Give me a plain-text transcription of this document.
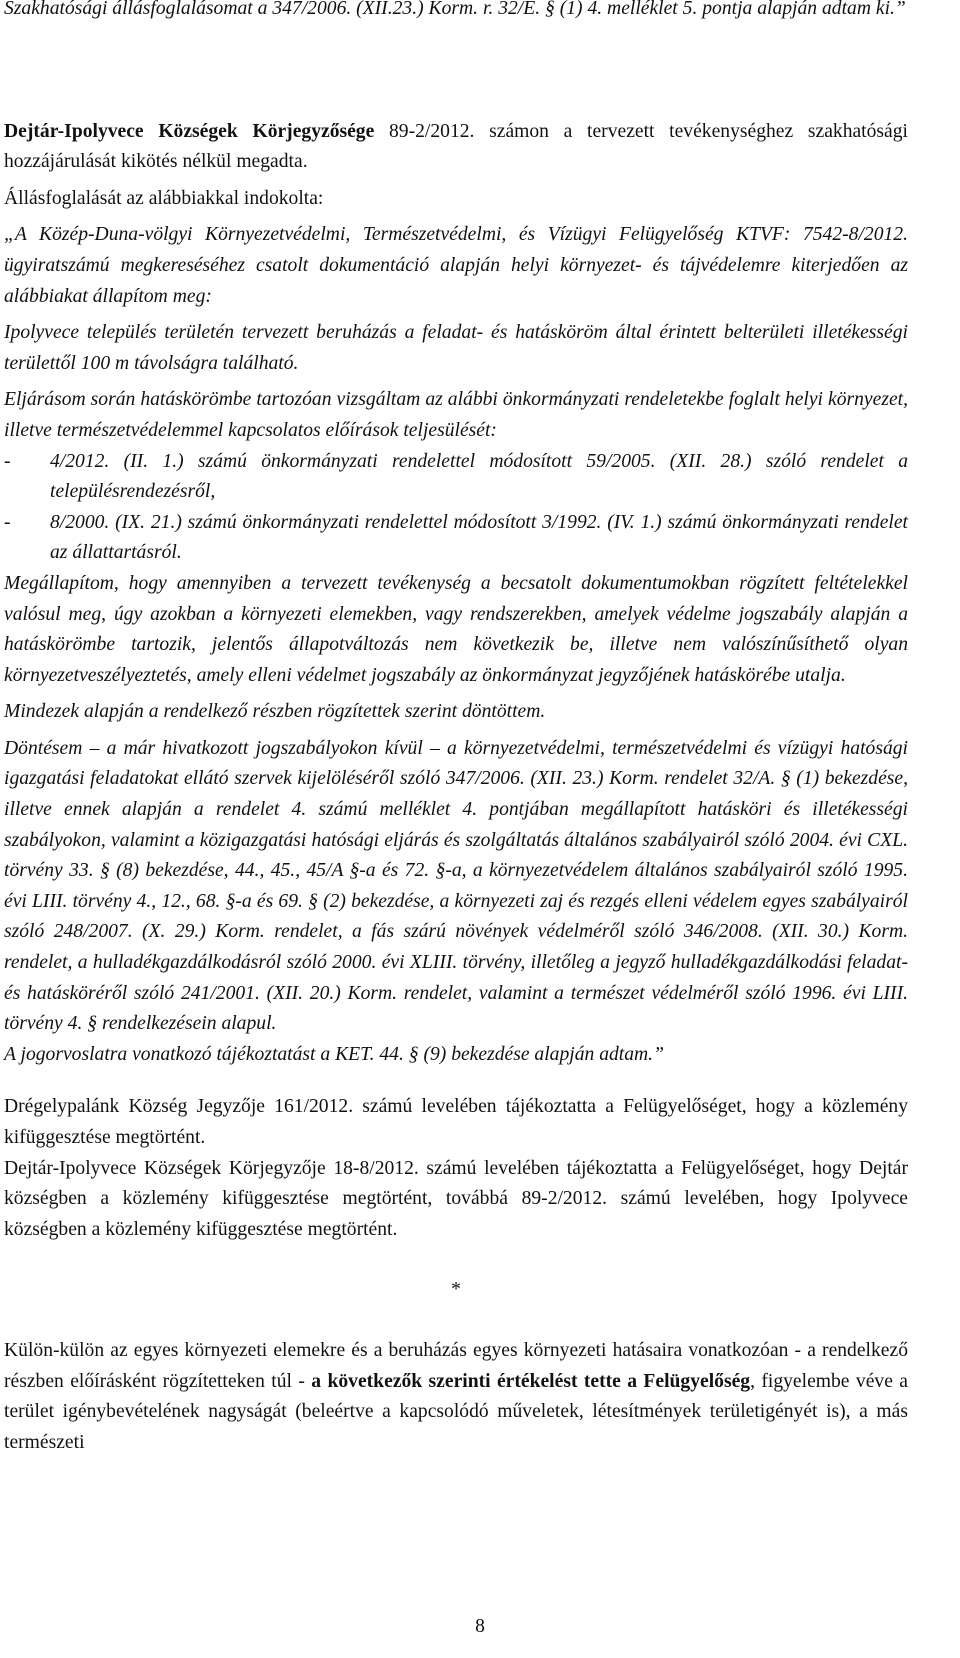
Szakhatósági állásfoglalásomat a 347/2006. (XII.23.) Korm. r. 32/E. § (1) 4. melléklet 5. pontja alapján adtam ki.”

Dejtár-Ipolyvece Községek Körjegyzősége 89-2/2012. számon a tervezett tevékenységhez szakhatósági hozzájárulását kikötés nélkül megadta.

Állásfoglalását az alábbiakkal indokolta:

„A Közép-Duna-völgyi Környezetvédelmi, Természetvédelmi, és Vízügyi Felügyelőség KTVF: 7542-8/2012. ügyiratszámú megkereséséhez csatolt dokumentáció alapján helyi környezet- és tájvédelemre kiterjedően az alábbiakat állapítom meg:

Ipolyvece település területén tervezett beruházás a feladat- és hatásköröm által érintett belterületi illetékességi területtől 100 m távolságra található.

Eljárásom során hatáskörömbe tartozóan vizsgáltam az alábbi önkormányzati rendeletekbe foglalt helyi környezet, illetve természetvédelemmel kapcsolatos előírások teljesülését:

-	4/2012. (II. 1.) számú önkormányzati rendelettel módosított 59/2005. (XII. 28.) szóló rendelet a településrendezésről,
-	8/2000. (IX. 21.) számú önkormányzati rendelettel módosított 3/1992. (IV. 1.) számú önkormányzati rendelet az állattartásról.

Megállapítom, hogy amennyiben a tervezett tevékenység a becsatolt dokumentumokban rögzített feltételekkel valósul meg, úgy azokban a környezeti elemekben, vagy rendszerekben, amelyek védelme jogszabály alapján a hatáskörömbe tartozik, jelentős állapotváltozás nem következik be, illetve nem valószínűsíthető olyan környezetveszélyeztetés, amely elleni védelmet jogszabály az önkormányzat jegyzőjének hatáskörébe utalja.

Mindezek alapján a rendelkező részben rögzítettek szerint döntöttem.

Döntésem – a már hivatkozott jogszabályokon kívül – a környezetvédelmi, természetvédelmi és vízügyi hatósági igazgatási feladatokat ellátó szervek kijelöléséről szóló 347/2006. (XII. 23.) Korm. rendelet 32/A. § (1) bekezdése, illetve ennek alapján a rendelet 4. számú melléklet 4. pontjában megállapított hatásköri és illetékességi szabályokon, valamint a közigazgatási hatósági eljárás és szolgáltatás általános szabályairól szóló 2004. évi CXL. törvény 33. § (8) bekezdése, 44., 45., 45/A §-a és 72. §-a, a környezetvédelem általános szabályairól szóló 1995. évi LIII. törvény 4., 12., 68. §-a és 69. § (2) bekezdése, a környezeti zaj és rezgés elleni védelem egyes szabályairól szóló 248/2007. (X. 29.) Korm. rendelet, a fás szárú növények védelméről szóló 346/2008. (XII. 30.) Korm. rendelet, a hulladékgazdálkodásról szóló 2000. évi XLIII. törvény, illetőleg a jegyző hulladékgazdálkodási feladat- és hatásköréről szóló 241/2001. (XII. 20.) Korm. rendelet, valamint a természet védelméről szóló 1996. évi LIII. törvény 4. § rendelkezésein alapul.

A jogorvoslatra vonatkozó tájékoztatást a KET. 44. § (9) bekezdése alapján adtam.”

Drégelypalánk Község Jegyzője 161/2012. számú levelében tájékoztatta a Felügyelőséget, hogy a közlemény kifüggesztése megtörtént.

Dejtár-Ipolyvece Községek Körjegyzője 18-8/2012. számú levelében tájékoztatta a Felügyelőséget, hogy Dejtár községben a közlemény kifüggesztése megtörtént, továbbá 89-2/2012. számú levelében, hogy Ipolyvece községben a közlemény kifüggesztése megtörtént.

*

Külön-külön az egyes környezeti elemekre és a beruházás egyes környezeti hatásaira vonatkozóan - a rendelkező részben előírásként rögzítetteken túl - a következők szerinti értékelést tette a Felügyelőség, figyelembe véve a terület igénybevételének nagyságát (beleértve a kapcsolódó műveletek, létesítmények területigényét is), a más természeti

8
